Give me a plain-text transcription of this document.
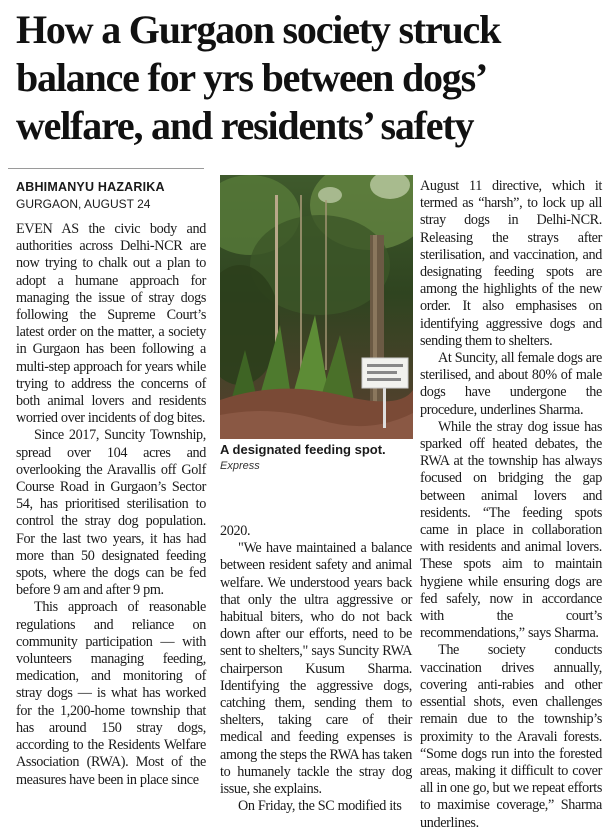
How a Gurgaon society struck
balance for yrs between dogs’
welfare, and residents’ safety
ABHIMANYU HAZARIKA
GURGAON, AUGUST 24

EVEN AS the civic body and authorities across Delhi-NCR are now trying to chalk out a plan to adopt a humane approach for managing the issue of stray dogs following the Supreme Court’s latest order on the matter, a society in Gurgaon has been following a multi-step approach for years while trying to address the concerns of both animal lovers and residents worried over incidents of dog bites.

Since 2017, Suncity Township, spread over 104 acres and overlooking the Aravallis off Golf Course Road in Gurgaon’s Sector 54, has prioritised sterilisation to control the stray dog population. For the last two years, it has had more than 50 designated feeding spots, where the dogs can be fed before 9 am and after 9 pm.

This approach of reasonable regulations and reliance on community participation — with volunteers managing feeding, medication, and monitoring of stray dogs — is what has worked for the 1,200-home township that has around 150 stray dogs, according to the Residents Welfare Association (RWA). Most of the measures have been in place since

A designated feeding spot.
Express

2020.

"We have maintained a balance between resident safety and animal welfare. We understood years back that only the ultra aggressive or habitual biters, who do not back down after our efforts, need to be sent to shelters," says Suncity RWA chairperson Kusum Sharma. Identifying the aggressive dogs, catching them, sending them to shelters, taking care of their medical and feeding expenses is among the steps the RWA has taken to humanely tackle the stray dog issue, she explains.

On Friday, the SC modified its

August 11 directive, which it termed as “harsh”, to lock up all stray dogs in Delhi-NCR. Releasing the strays after sterilisation, and vaccination, and designating feeding spots are among the highlights of the new order. It also emphasises on identifying aggressive dogs and sending them to shelters.

At Suncity, all female dogs are sterilised, and about 80% of male dogs have undergone the procedure, underlines Sharma.

While the stray dog issue has sparked off heated debates, the RWA at the township has always focused on bridging the gap between animal lovers and residents. “The feeding spots came in place in collaboration with residents and animal lovers. These spots aim to maintain hygiene while ensuring dogs are fed safely, now in accordance with the court’s recommendations,” says Sharma.

The society conducts vaccination drives annually, covering anti-rabies and other essential shots, even challenges remain due to the township’s proximity to the Aravali forests. “Some dogs run into the forested areas, making it difficult to cover all in one go, but we repeat efforts to maximise coverage,” Sharma underlines.
